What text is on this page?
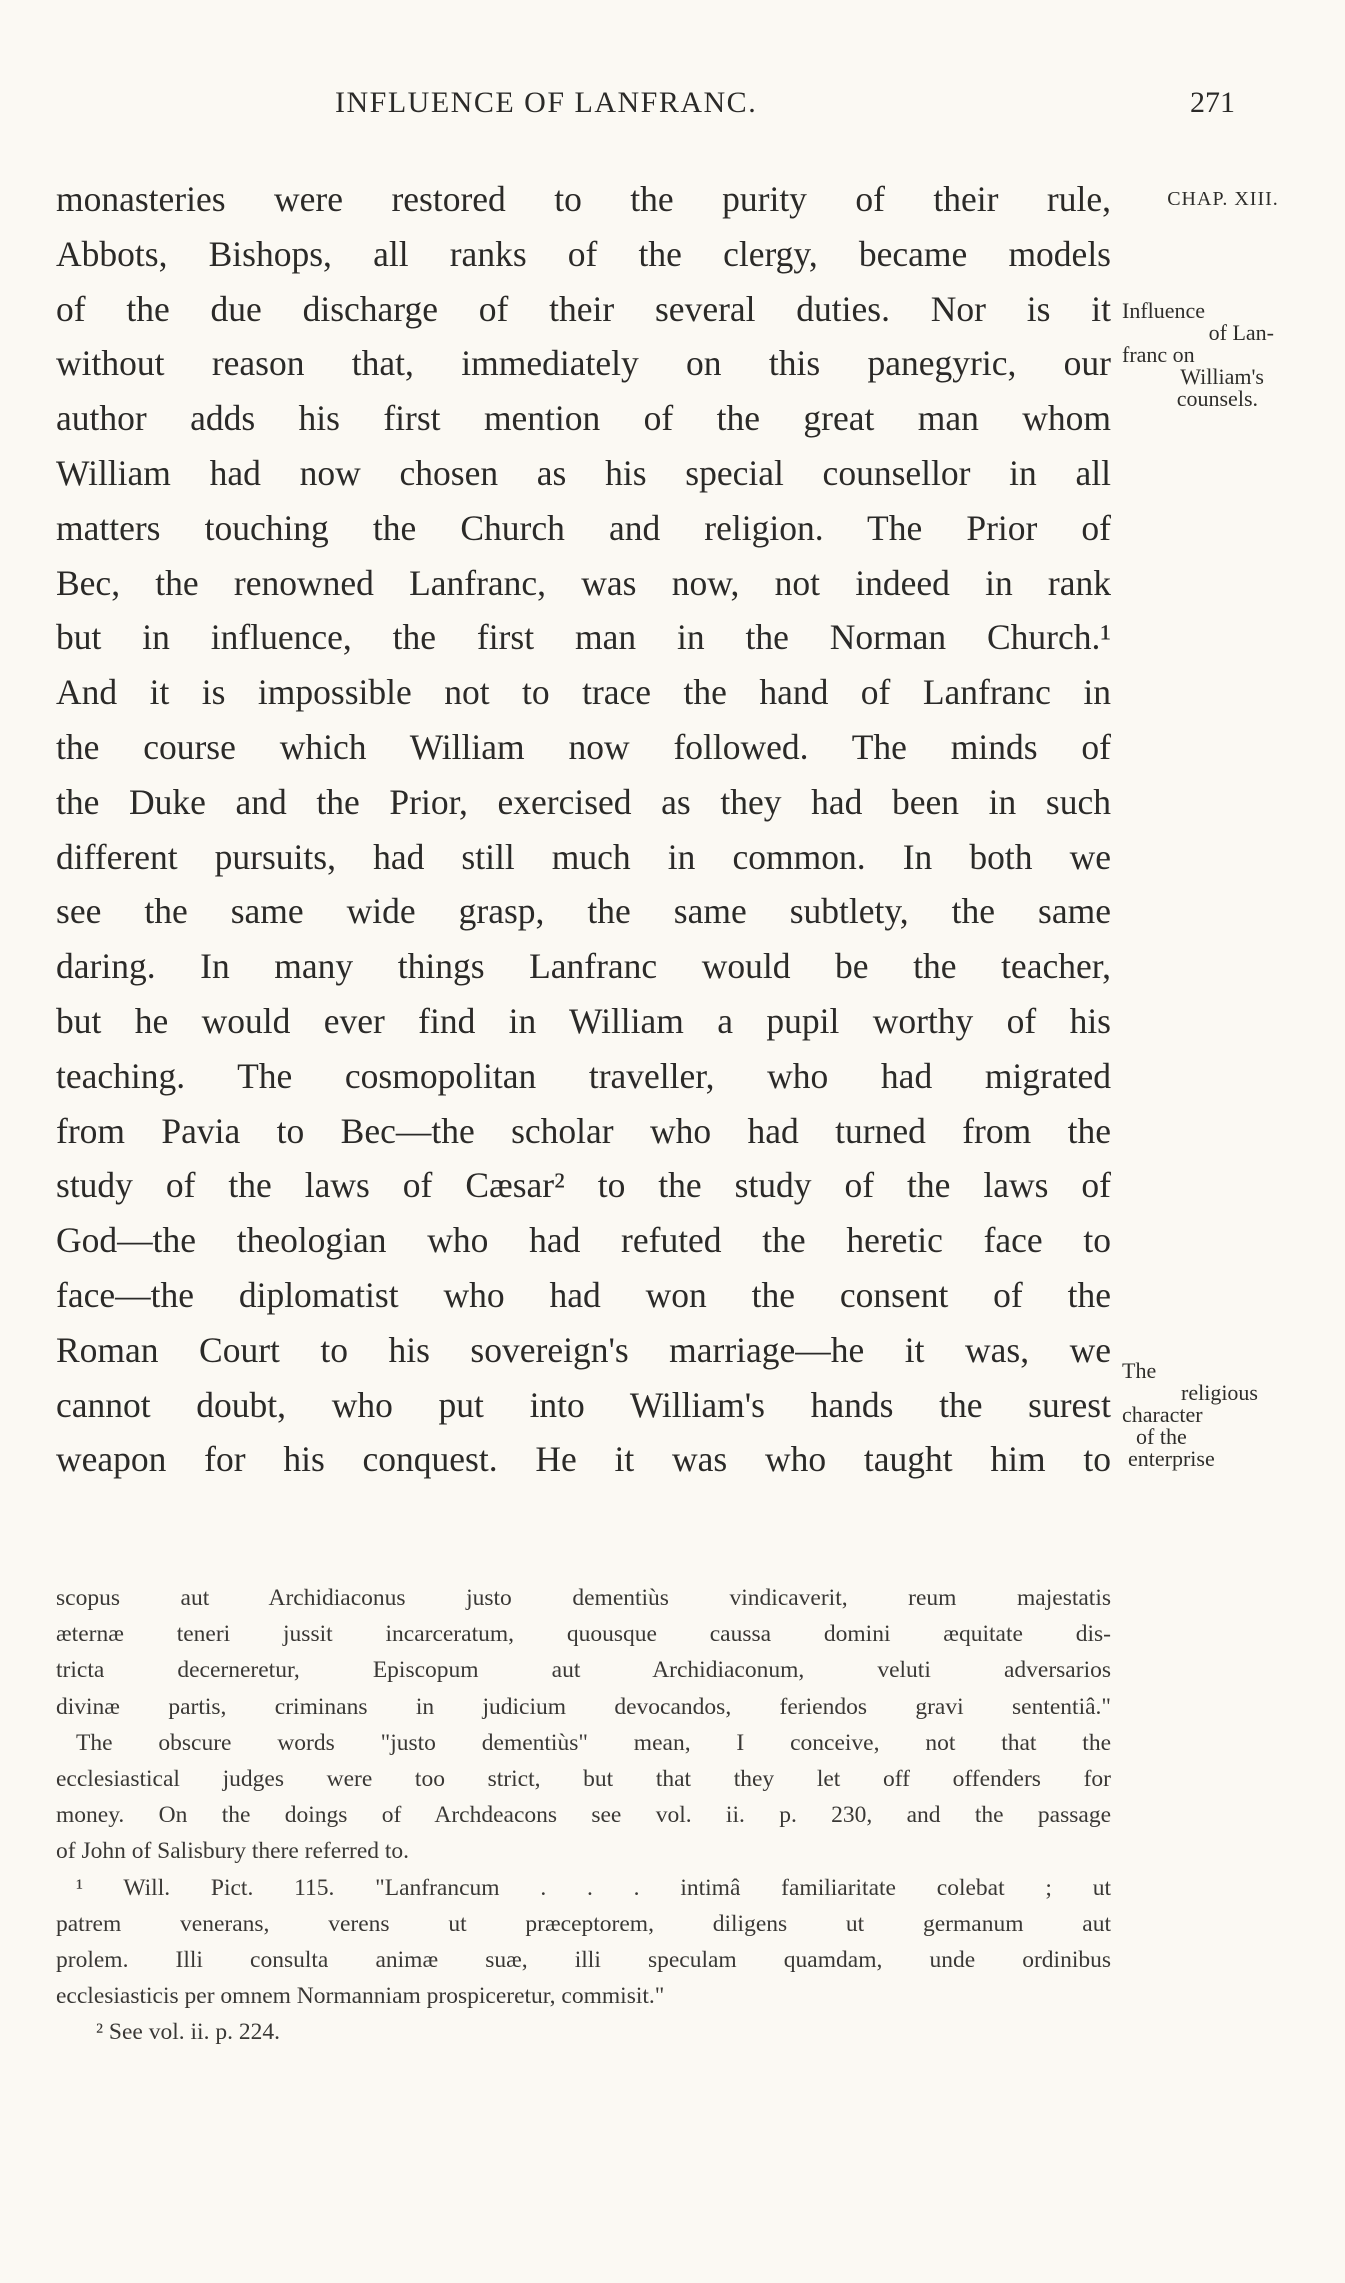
INFLUENCE OF LANFRANC.	271
monasteries were restored to the purity of their rule,
Abbots, Bishops, all ranks of the clergy, became models
of the due discharge of their several duties. Nor is it
without reason that, immediately on this panegyric, our
author adds his first mention of the great man whom
William had now chosen as his special counsellor in all
matters touching the Church and religion. The Prior of
Bec, the renowned Lanfranc, was now, not indeed in rank
but in influence, the first man in the Norman Church.¹
And it is impossible not to trace the hand of Lanfranc in
the course which William now followed. The minds of
the Duke and the Prior, exercised as they had been in such
different pursuits, had still much in common. In both we
see the same wide grasp, the same subtlety, the same
daring. In many things Lanfranc would be the teacher,
but he would ever find in William a pupil worthy of his
teaching. The cosmopolitan traveller, who had migrated
from Pavia to Bec—the scholar who had turned from the
study of the laws of Cæsar² to the study of the laws of
God—the theologian who had refuted the heretic face to
face—the diplomatist who had won the consent of the
Roman Court to his sovereign's marriage—he it was, we
cannot doubt, who put into William's hands the surest
weapon for his conquest. He it was who taught him to
CHAP. XIII.
Influence
of Lan-
franc on
William's
counsels.
The
religious
character
of the
enterprise
scopus aut Archidiaconus justo dementiùs vindicaverit, reum majestatis
æternæ teneri jussit incarceratum, quousque caussa domini æquitate dis-
tricta decerneretur, Episcopum aut Archidiaconum, veluti adversarios
divinæ partis, criminans in judicium devocandos, feriendos gravi sententiâ."
The obscure words "justo dementiùs" mean, I conceive, not that the
ecclesiastical judges were too strict, but that they let off offenders for
money. On the doings of Archdeacons see vol. ii. p. 230, and the passage
of John of Salisbury there referred to.
¹ Will. Pict. 115. "Lanfrancum . . . intimâ familiaritate colebat ; ut
patrem venerans, verens ut præceptorem, diligens ut germanum aut
prolem. Illi consulta animæ suæ, illi speculam quamdam, unde ordinibus
ecclesiasticis per omnem Normanniam prospiceretur, commisit."
² See vol. ii. p. 224.
